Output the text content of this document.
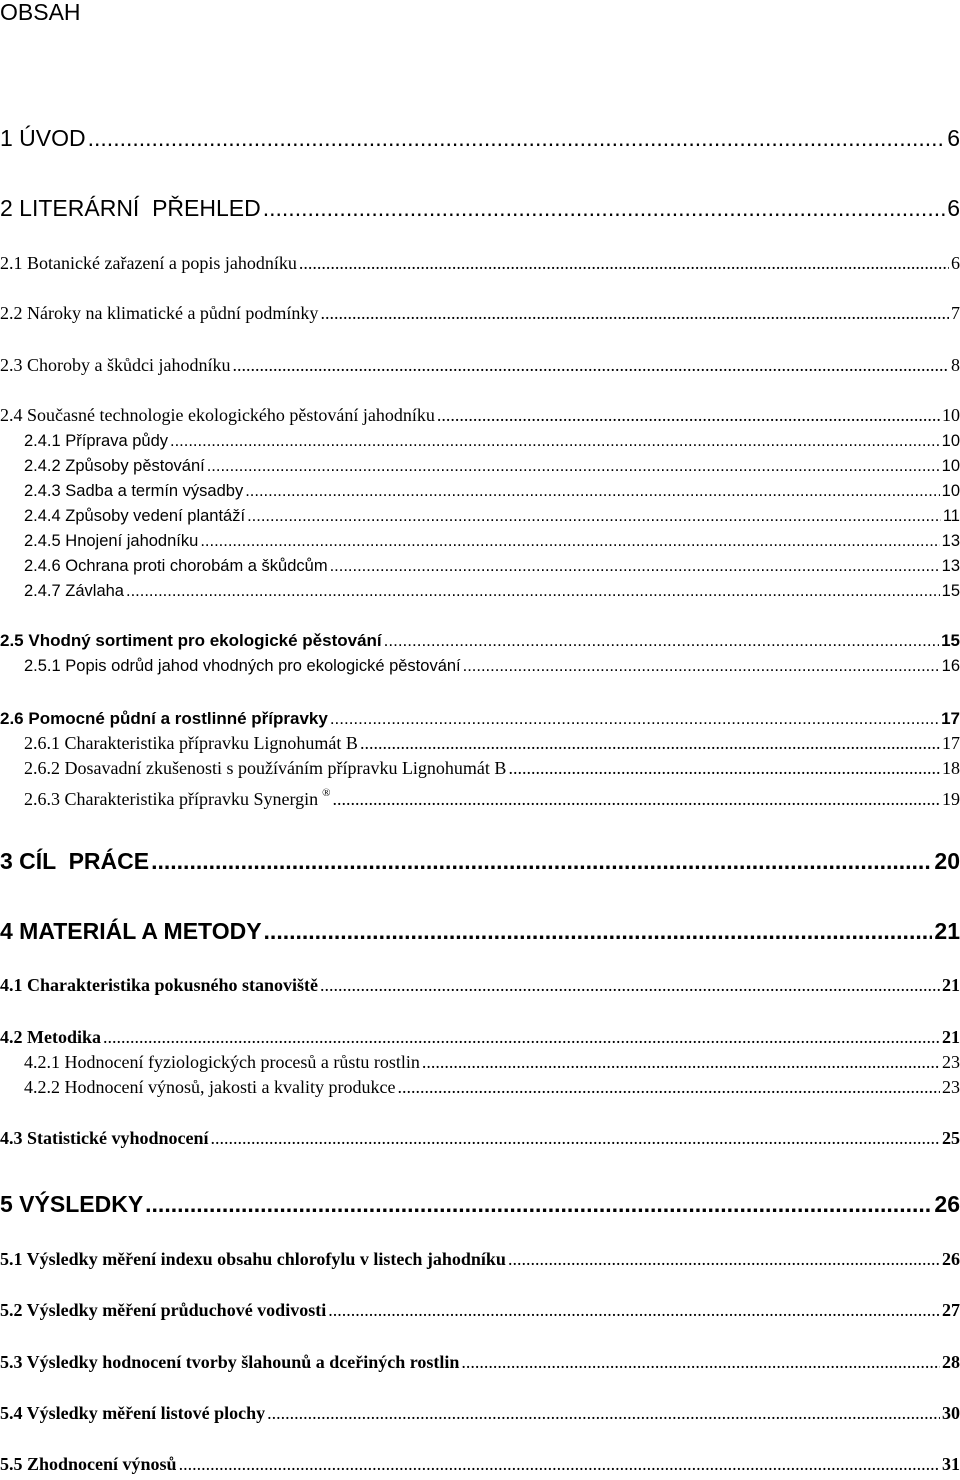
OBSAH
1 ÚVOD .....	6
2 LITERÁRNÍ  PŘEHLED .....	6
2.1 Botanické zařazení a popis jahodníku .....	6
2.2 Nároky na klimatické a půdní podmínky .....	7
2.3 Choroby a škůdci jahodníku .....	8
2.4 Současné technologie ekologického pěstování jahodníku .....	10
2.4.1 Příprava půdy .....	10
2.4.2 Způsoby pěstování .....	10
2.4.3 Sadba a termín výsadby .....	10
2.4.4 Způsoby vedení plantáží .....	11
2.4.5 Hnojení jahodníku .....	13
2.4.6 Ochrana proti chorobám a škůdcům .....	13
2.4.7 Závlaha .....	15
2.5 Vhodný sortiment pro ekologické pěstování .....	15
2.5.1 Popis odrůd jahod vhodných pro ekologické pěstování .....	16
2.6 Pomocné půdní a rostlinné přípravky .....	17
2.6.1 Charakteristika přípravku Lignohumát B .....	17
2.6.2 Dosavadní zkušenosti s používáním přípravku Lignohumát B .....	18
2.6.3 Charakteristika přípravku Synergin ® .....	19
3 CÍL  PRÁCE .....	20
4 MATERIÁL A METODY .....	21
4.1 Charakteristika pokusného stanoviště .....	21
4.2 Metodika .....	21
4.2.1 Hodnocení fyziologických procesů a růstu rostlin .....	23
4.2.2 Hodnocení výnosů, jakosti a kvality produkce .....	23
4.3 Statistické vyhodnocení .....	25
5 VÝSLEDKY .....	26
5.1 Výsledky měření indexu obsahu chlorofylu v listech jahodníku .....	26
5.2 Výsledky měření průduchové vodivosti .....	27
5.3 Výsledky hodnocení tvorby šlahounů a dceřiných rostlin .....	28
5.4 Výsledky měření listové plochy .....	30
5.5 Zhodnocení výnosů .....	31
